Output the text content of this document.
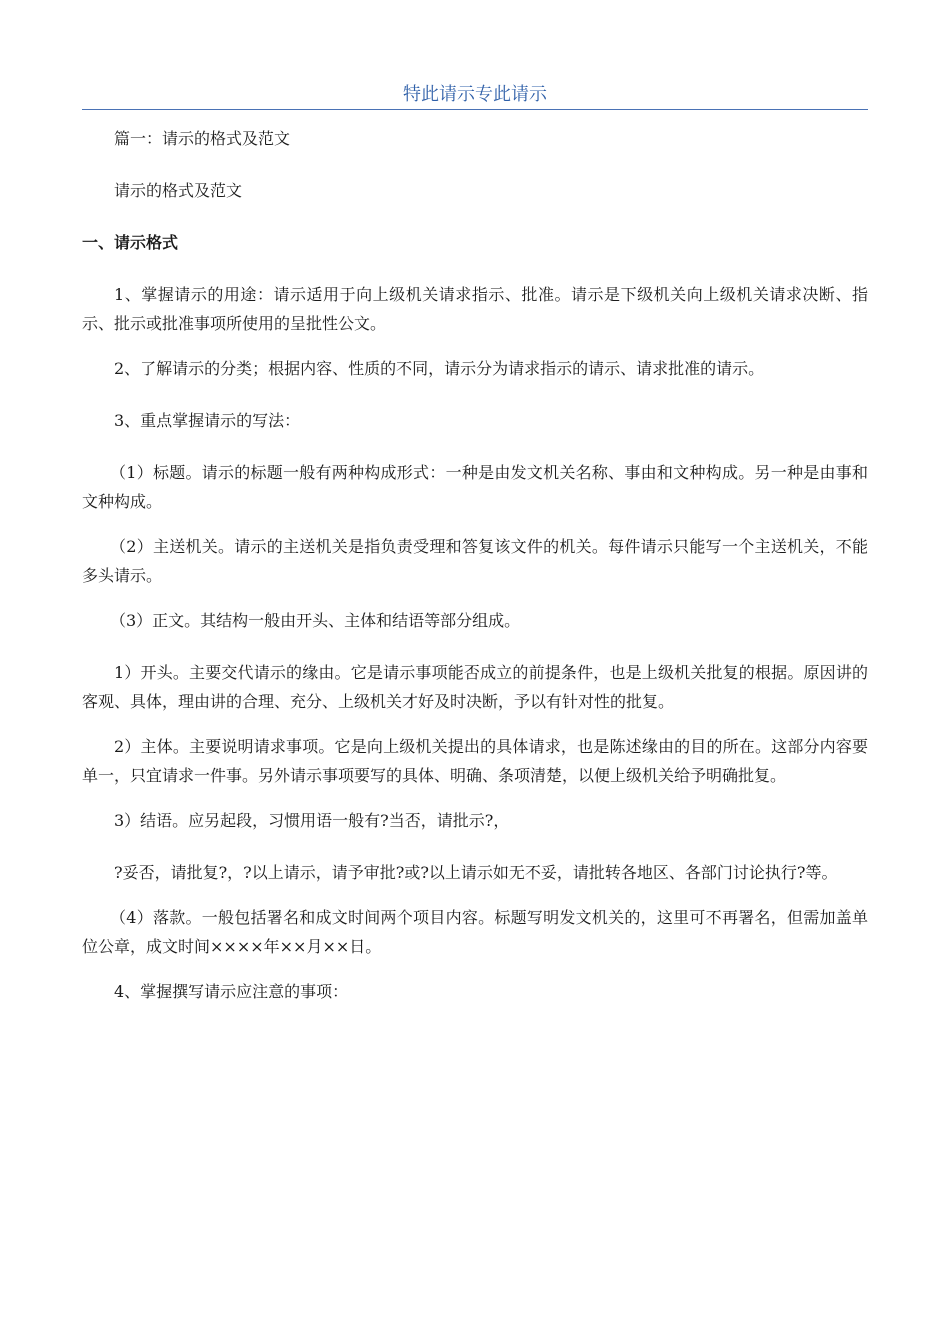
特此请示专此请示

篇一：请示的格式及范文

请示的格式及范文

一、请示格式

1、掌握请示的用途：请示适用于向上级机关请求指示、批准。请示是下级机关向上级机关请求决断、指示、批示或批准事项所使用的呈批性公文。

2、了解请示的分类；根据内容、性质的不同，请示分为请求指示的请示、请求批准的请示。

3、重点掌握请示的写法：

（1）标题。请示的标题一般有两种构成形式：一种是由发文机关名称、事由和文种构成。另一种是由事和文种构成。

（2）主送机关。请示的主送机关是指负责受理和答复该文件的机关。每件请示只能写一个主送机关，不能多头请示。

（3）正文。其结构一般由开头、主体和结语等部分组成。

1）开头。主要交代请示的缘由。它是请示事项能否成立的前提条件，也是上级机关批复的根据。原因讲的客观、具体，理由讲的合理、充分、上级机关才好及时决断，予以有针对性的批复。

2）主体。主要说明请求事项。它是向上级机关提出的具体请求，也是陈述缘由的目的所在。这部分内容要单一，只宜请求一件事。另外请示事项要写的具体、明确、条项清楚，以便上级机关给予明确批复。

3）结语。应另起段，习惯用语一般有?当否，请批示?，

?妥否，请批复?，?以上请示，请予审批?或?以上请示如无不妥，请批转各地区、各部门讨论执行?等。

（4）落款。一般包括署名和成文时间两个项目内容。标题写明发文机关的，这里可不再署名，但需加盖单位公章，成文时间××××年××月××日。

4、掌握撰写请示应注意的事项：
